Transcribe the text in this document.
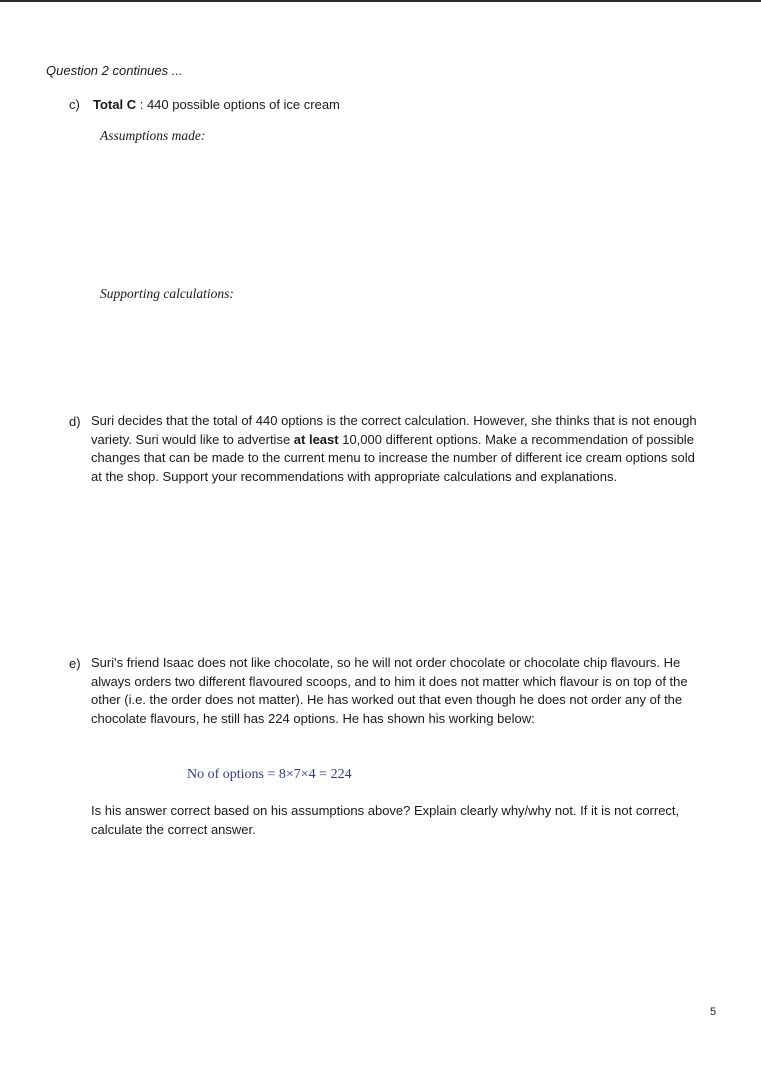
Question 2 continues ...
c) Total C : 440 possible options of ice cream
Assumptions made:
Supporting calculations:
d) Suri decides that the total of 440 options is the correct calculation. However, she thinks that is not enough variety. Suri would like to advertise at least 10,000 different options. Make a recommendation of possible changes that can be made to the current menu to increase the number of different ice cream options sold at the shop. Support your recommendations with appropriate calculations and explanations.
e) Suri's friend Isaac does not like chocolate, so he will not order chocolate or chocolate chip flavours. He always orders two different flavoured scoops, and to him it does not matter which flavour is on top of the other (i.e. the order does not matter). He has worked out that even though he does not order any of the chocolate flavours, he still has 224 options. He has shown his working below:
No of options = 8×7×4 = 224
Is his answer correct based on his assumptions above? Explain clearly why/why not. If it is not correct, calculate the correct answer.
5
